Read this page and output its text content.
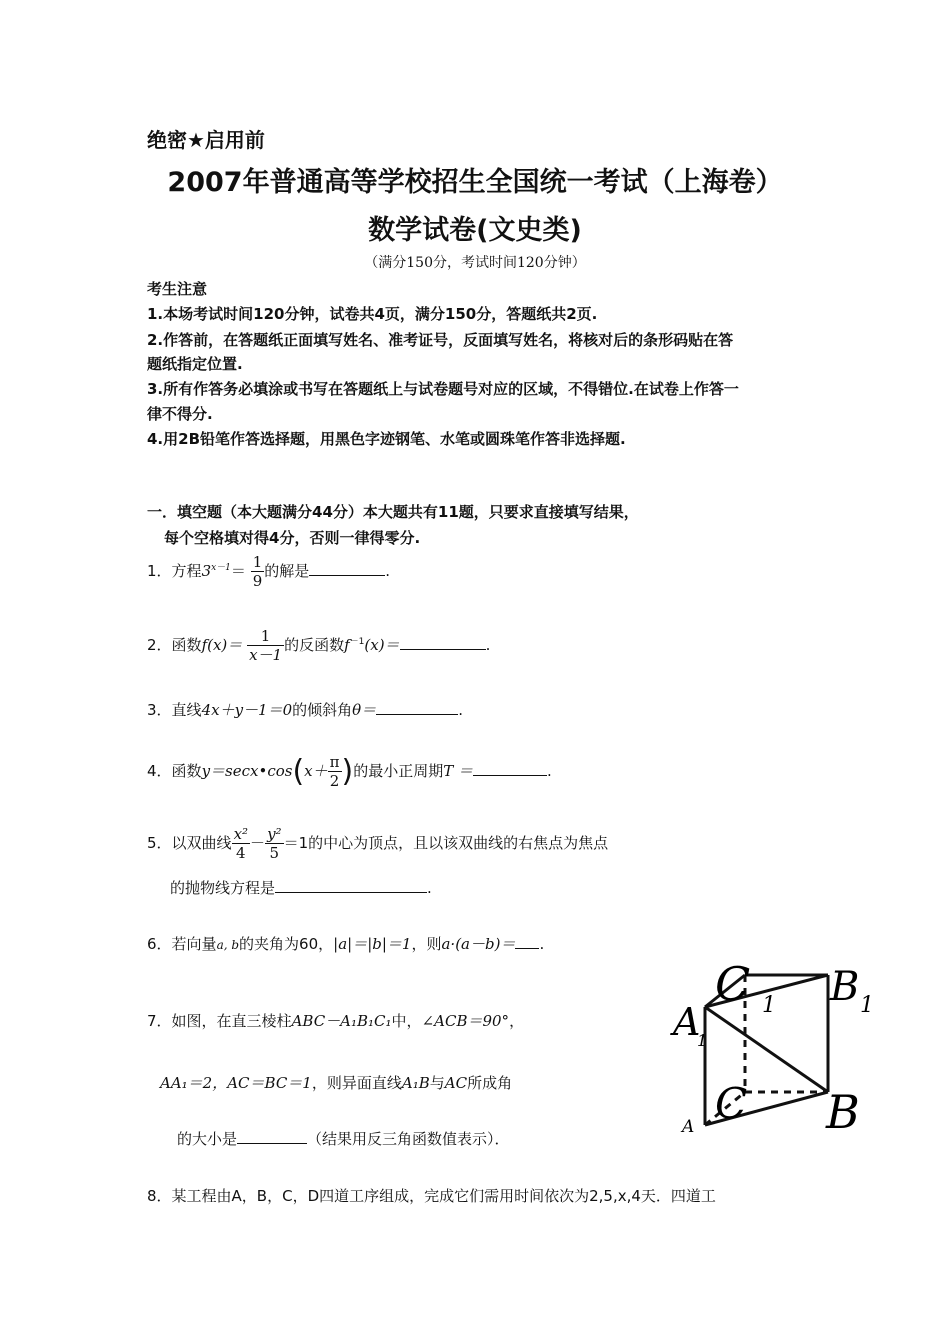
绝密★启用前
2007年普通高等学校招生全国统一考试（上海卷）
数学试卷(文史类)
（满分150分，考试时间120分钟）
考生注意
1.本场考试时间120分钟，试卷共4页，满分150分，答题纸共2页.
2.作答前，在答题纸正面填写姓名、准考证号，反面填写姓名，将核对后的条形码贴在答
题纸指定位置.
3.所有作答务必填涂或书写在答题纸上与试卷题号对应的区域，不得错位.在试卷上作答一
律不得分.
4.用2B铅笔作答选择题，用黑色字迹钢笔、水笔或圆珠笔作答非选择题.
一．填空题（本大题满分44分）本大题共有11题，只要求直接填写结果，
每个空格填对得4分，否则一律得零分.
1．方程$3^{x-1}= \frac{1}{9}$ 的解是	.
2．函数$f(x)= \frac{1}{x-1}$ 的反函数$f^{-1}(x)=$	.
3．直线4x＋y－1＝0的倾斜角θ＝	.
4．函数y＝secx•cos(x＋ $\frac{\pi}{2}$ )的最小正周期T ＝	.
5．以双曲线 $\frac{\text{x²}}{4} - \frac{\text{y²}}{5} =1$的中心为顶点，且以该双曲线的右焦点为焦点
的抛物线方程是	.
6．若向量a, b的夹角为60，|a|＝|b|＝1，则a·(a－b)＝ .
7．如图，在直三棱柱ABC－A₁B₁C₁中，∠ACB＝90°，
AA₁＝2，AC＝BC＝1，则异面直线A₁B与AC所成角
的大小是	（结果用反三角函数值表示）．
8．某工程由A，B，C，D四道工序组成，完成它们需用时间依次为2,5,x,4天．四道工
C 1 B 1
A
1
C B
A
